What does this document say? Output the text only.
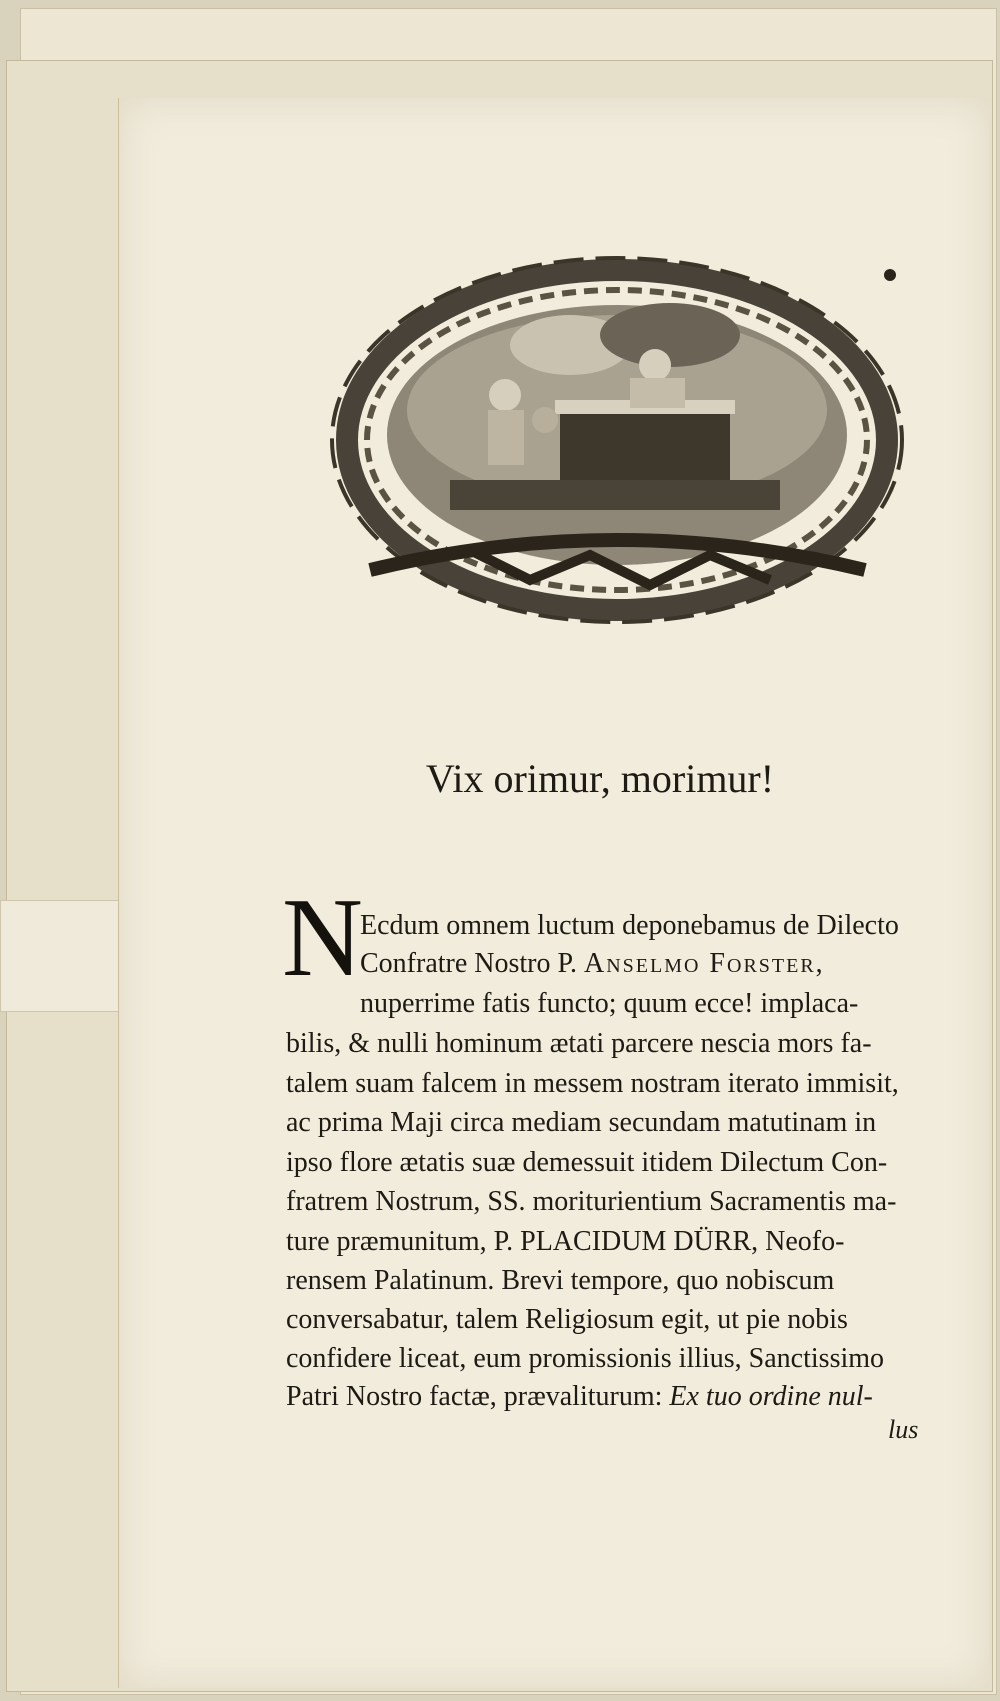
Vix orimur, morimur!

N

Ecdum omnem luctum deponebamus de Dilecto

Confratre Nostro P. Anselmo Forster,

nuperrime fatis functo; quum ecce! implaca-

bilis, & nulli hominum ætati parcere nescia mors fa-

talem suam falcem in messem nostram iterato immisit,

ac prima Maji circa mediam secundam matutinam in

ipso flore ætatis suæ demessuit itidem Dilectum Con-

fratrem Nostrum, SS. moriturientium Sacramentis ma-

ture præmunitum, P. PLACIDUM DÜRR, Neofo-

rensem Palatinum. Brevi tempore, quo nobiscum

conversabatur, talem Religiosum egit, ut pie nobis

confidere liceat, eum promissionis illius, Sanctissimo

Patri Nostro factæ, prævaliturum: Ex tuo ordine nul-

lus
